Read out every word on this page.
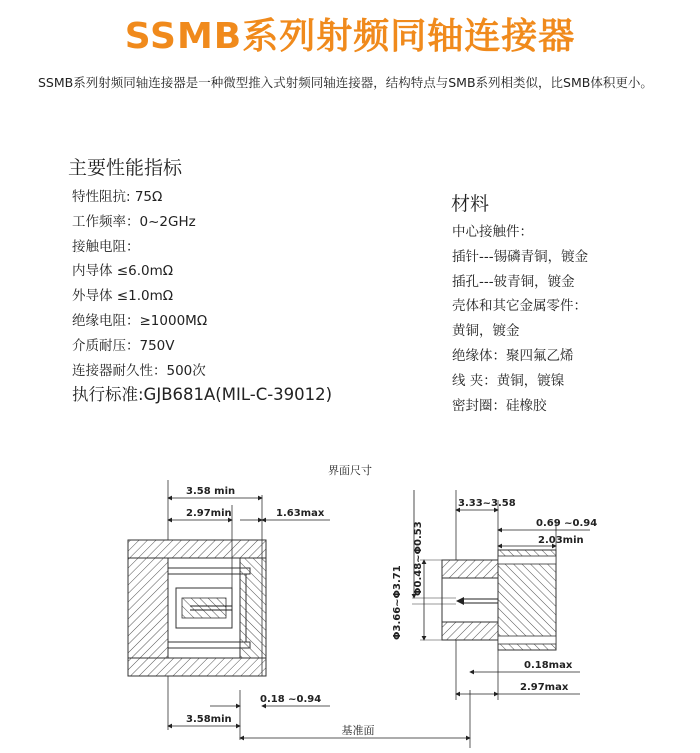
SSMB系列射频同轴连接器
SSMB系列射频同轴连接器是一种微型推入式射频同轴连接器，结构特点与SMB系列相类似，比SMB体积更小。
主要性能指标
特性阻抗: 75Ω
工作频率：0~2GHz
接触电阻：
内导体 ≤6.0mΩ
外导体 ≤1.0mΩ
绝缘电阻：≥1000MΩ
介质耐压：750V
连接器耐久性：500次
执行标准:GJB681A(MIL-C-39012)
材料
中心接触件：
插针---锡磷青铜，镀金
插孔---铍青铜，镀金
壳体和其它金属零件：
黄铜，镀金
绝缘体：聚四氟乙烯
线 夹：黄铜，镀镍
密封圈：硅橡胶
界面尺寸
3.58 min
2.97min	1.63max
0.18 ~0.94
3.58min
基准面
3.33~3.58
0.69 ~0.94
2.03min
Φ0.48~Φ0.53
Φ3.66~Φ3.71
0.18max
2.97max
